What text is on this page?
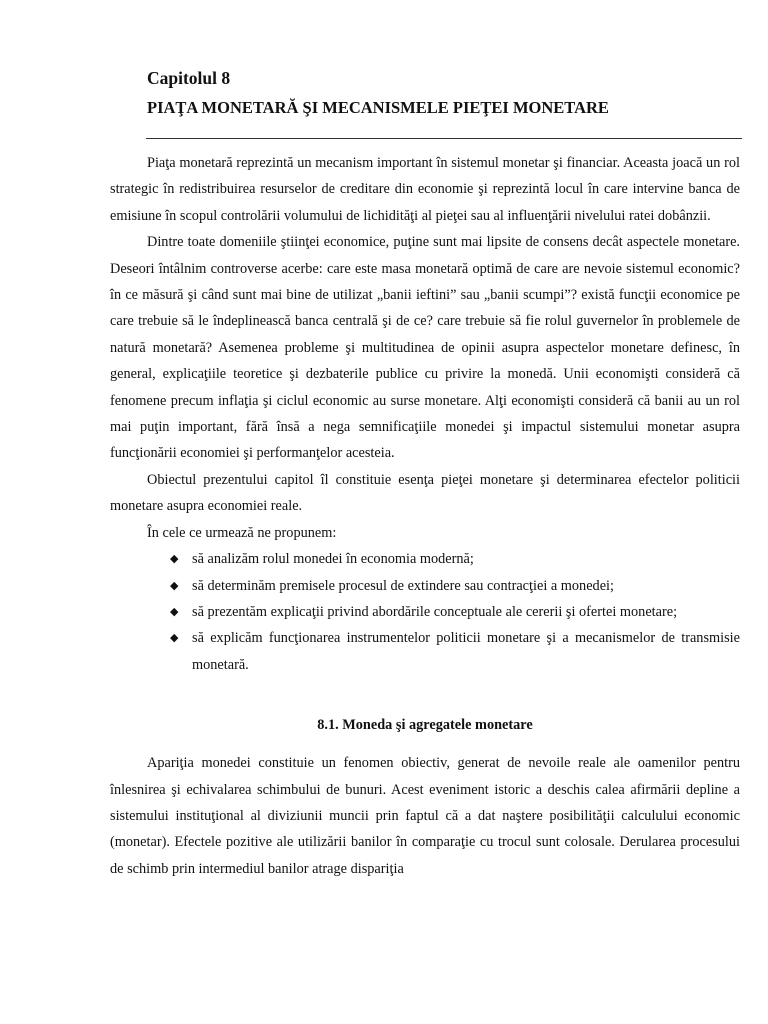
Capitolul 8
PIAŢA MONETARĂ ŞI MECANISMELE PIEŢEI MONETARE

Piaţa monetară reprezintă un mecanism important în sistemul monetar şi financiar. Aceasta joacă un rol strategic în redistribuirea resurselor de creditare din economie şi reprezintă locul în care intervine banca de emisiune în scopul controlării volumului de lichidităţi al pieţei sau al influenţării nivelului ratei dobânzii.

Dintre toate domeniile ştiinţei economice, puţine sunt mai lipsite de consens decât aspectele monetare. Deseori întâlnim controverse acerbe: care este masa monetară optimă de care are nevoie sistemul economic? în ce măsură şi când sunt mai bine de utilizat „banii ieftini” sau „banii scumpi”? există funcţii economice pe care trebuie să le îndeplinească banca centrală şi de ce? care trebuie să fie rolul guvernelor în problemele de natură monetară? Asemenea probleme şi multitudinea de opinii asupra aspectelor monetare definesc, în general, explicaţiile teoretice şi dezbaterile publice cu privire la monedă. Unii economişti consideră că fenomene precum inflaţia şi ciclul economic au surse monetare. Alţi economişti consideră că banii au un rol mai puţin important, fără însă a nega semnificaţiile monedei şi impactul sistemului monetar asupra funcţionării economiei şi performanţelor acesteia.

Obiectul prezentului capitol îl constituie esenţa pieţei monetare şi determinarea efectelor politicii monetare asupra economiei reale.

În cele ce urmează ne propunem:

◆ să analizăm rolul monedei în economia modernă;
◆ să determinăm premisele procesul de extindere sau contracţiei a monedei;
◆ să prezentăm explicaţii privind abordările conceptuale ale cererii şi ofertei monetare;
◆ să explicăm funcţionarea instrumentelor politicii monetare şi a mecanismelor de transmisie monetară.
8.1. Moneda şi agregatele monetare

Apariţia monedei constituie un fenomen obiectiv, generat de nevoile reale ale oamenilor pentru înlesnirea şi echivalarea schimbului de bunuri. Acest eveniment istoric a deschis calea afirmării depline a sistemului instituţional al diviziunii muncii prin faptul că a dat naştere posibilităţii calculului economic (monetar). Efectele pozitive ale utilizării banilor în comparaţie cu trocul sunt colosale. Derularea procesului de schimb prin intermediul banilor atrage dispariţia
